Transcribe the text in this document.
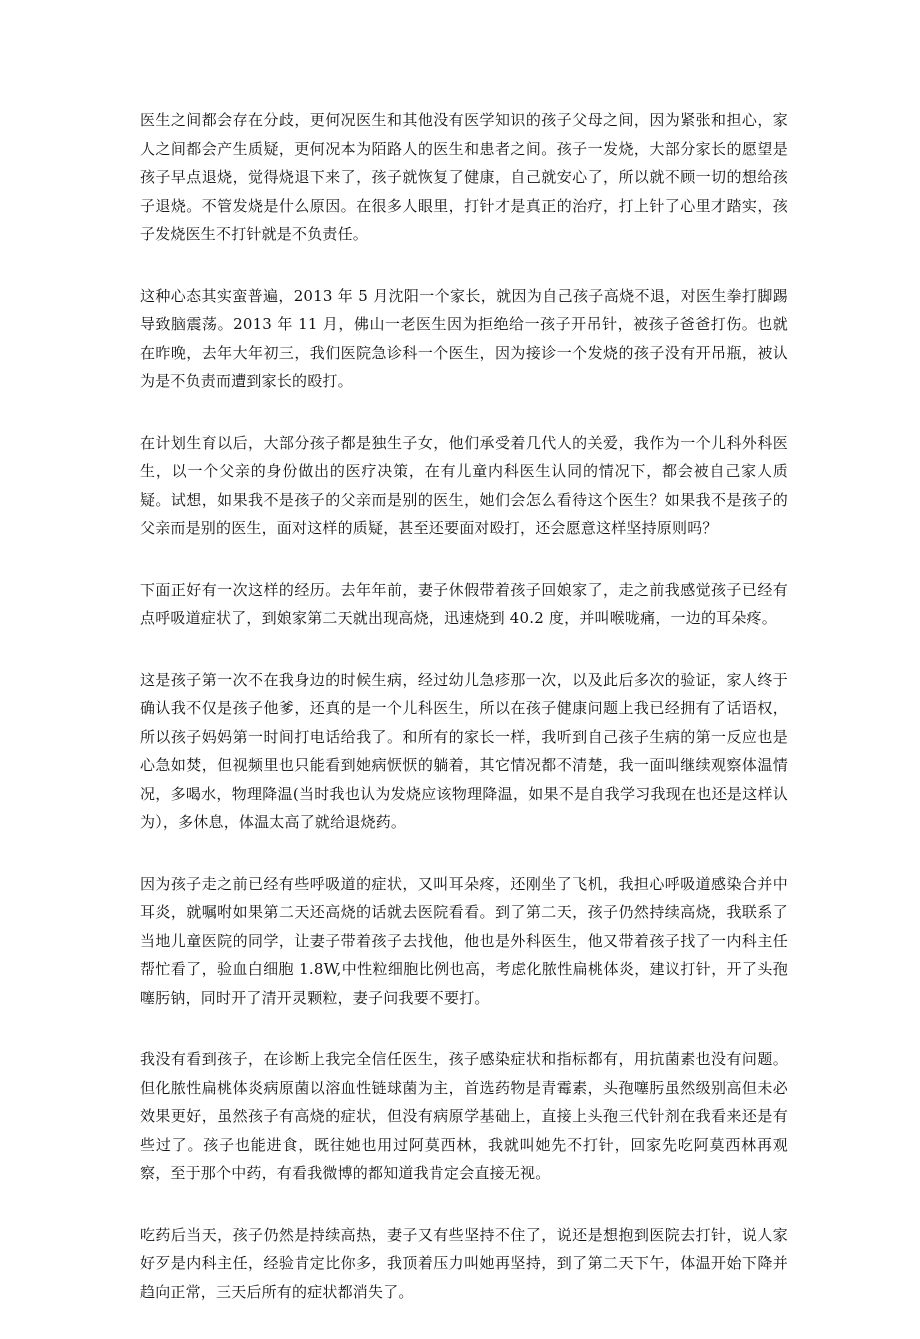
医生之间都会存在分歧，更何况医生和其他没有医学知识的孩子父母之间，因为紧张和担心，家人之间都会产生质疑，更何况本为陌路人的医生和患者之间。孩子一发烧，大部分家长的愿望是孩子早点退烧，觉得烧退下来了，孩子就恢复了健康，自己就安心了，所以就不顾一切的想给孩子退烧。不管发烧是什么原因。在很多人眼里，打针才是真正的治疗，打上针了心里才踏实，孩子发烧医生不打针就是不负责任。

这种心态其实蛮普遍，2013 年 5 月沈阳一个家长，就因为自己孩子高烧不退，对医生拳打脚踢导致脑震荡。2013 年 11 月，佛山一老医生因为拒绝给一孩子开吊针，被孩子爸爸打伤。也就在昨晚，去年大年初三，我们医院急诊科一个医生，因为接诊一个发烧的孩子没有开吊瓶，被认为是不负责而遭到家长的殴打。

在计划生育以后，大部分孩子都是独生子女，他们承受着几代人的关爱，我作为一个儿科外科医生，以一个父亲的身份做出的医疗决策，在有儿童内科医生认同的情况下，都会被自己家人质疑。试想，如果我不是孩子的父亲而是别的医生，她们会怎么看待这个医生？如果我不是孩子的父亲而是别的医生，面对这样的质疑，甚至还要面对殴打，还会愿意这样坚持原则吗？

下面正好有一次这样的经历。去年年前，妻子休假带着孩子回娘家了，走之前我感觉孩子已经有点呼吸道症状了，到娘家第二天就出现高烧，迅速烧到 40.2 度，并叫喉咙痛，一边的耳朵疼。

这是孩子第一次不在我身边的时候生病，经过幼儿急疹那一次，以及此后多次的验证，家人终于确认我不仅是孩子他爹，还真的是一个儿科医生，所以在孩子健康问题上我已经拥有了话语权，所以孩子妈妈第一时间打电话给我了。和所有的家长一样，我听到自己孩子生病的第一反应也是心急如焚，但视频里也只能看到她病恹恹的躺着，其它情况都不清楚，我一面叫继续观察体温情况，多喝水，物理降温(当时我也认为发烧应该物理降温，如果不是自我学习我现在也还是这样认为），多休息，体温太高了就给退烧药。

因为孩子走之前已经有些呼吸道的症状，又叫耳朵疼，还刚坐了飞机，我担心呼吸道感染合并中耳炎，就嘱咐如果第二天还高烧的话就去医院看看。到了第二天，孩子仍然持续高烧，我联系了当地儿童医院的同学，让妻子带着孩子去找他，他也是外科医生，他又带着孩子找了一内科主任帮忙看了，验血白细胞 1.8W,中性粒细胞比例也高，考虑化脓性扁桃体炎，建议打针，开了头孢噻肟钠，同时开了清开灵颗粒，妻子问我要不要打。

我没有看到孩子，在诊断上我完全信任医生，孩子感染症状和指标都有，用抗菌素也没有问题。但化脓性扁桃体炎病原菌以溶血性链球菌为主，首选药物是青霉素，头孢噻肟虽然级别高但未必效果更好，虽然孩子有高烧的症状，但没有病原学基础上，直接上头孢三代针剂在我看来还是有些过了。孩子也能进食，既往她也用过阿莫西林，我就叫她先不打针，回家先吃阿莫西林再观察，至于那个中药，有看我微博的都知道我肯定会直接无视。

吃药后当天，孩子仍然是持续高热，妻子又有些坚持不住了，说还是想抱到医院去打针，说人家好歹是内科主任，经验肯定比你多，我顶着压力叫她再坚持，到了第二天下午，体温开始下降并趋向正常，三天后所有的症状都消失了。
